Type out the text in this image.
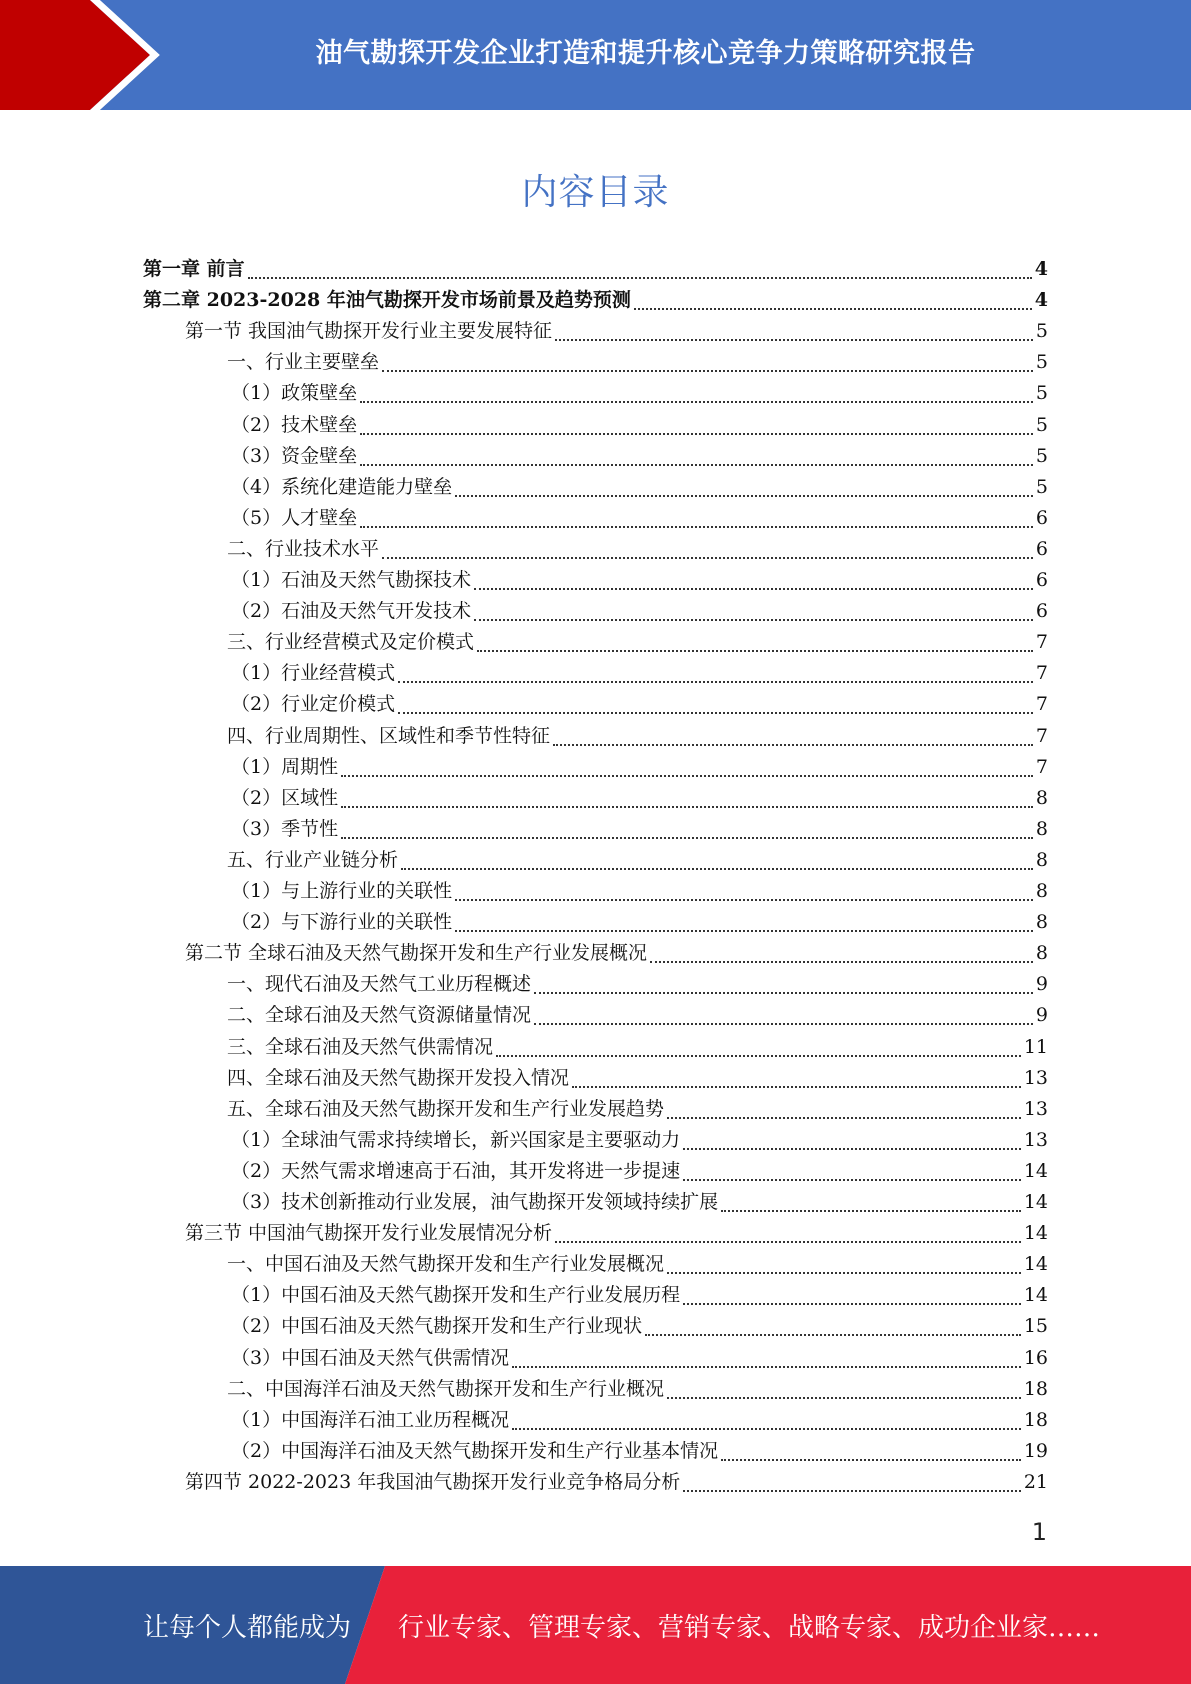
油气勘探开发企业打造和提升核心竞争力策略研究报告
内容目录
第一章 前言	4
第二章 2023-2028 年油气勘探开发市场前景及趋势预测	4
第一节 我国油气勘探开发行业主要发展特征	5
一、行业主要壁垒	5
（1）政策壁垒	5
（2）技术壁垒	5
（3）资金壁垒	5
（4）系统化建造能力壁垒	5
（5）人才壁垒	6
二、行业技术水平	6
（1）石油及天然气勘探技术	6
（2）石油及天然气开发技术	6
三、行业经营模式及定价模式	7
（1）行业经营模式	7
（2）行业定价模式	7
四、行业周期性、区域性和季节性特征	7
（1）周期性	7
（2）区域性	8
（3）季节性	8
五、行业产业链分析	8
（1）与上游行业的关联性	8
（2）与下游行业的关联性	8
第二节 全球石油及天然气勘探开发和生产行业发展概况	8
一、现代石油及天然气工业历程概述	9
二、全球石油及天然气资源储量情况	9
三、全球石油及天然气供需情况	11
四、全球石油及天然气勘探开发投入情况	13
五、全球石油及天然气勘探开发和生产行业发展趋势	13
（1）全球油气需求持续增长，新兴国家是主要驱动力	13
（2）天然气需求增速高于石油，其开发将进一步提速	14
（3）技术创新推动行业发展，油气勘探开发领域持续扩展	14
第三节 中国油气勘探开发行业发展情况分析	14
一、中国石油及天然气勘探开发和生产行业发展概况	14
（1）中国石油及天然气勘探开发和生产行业发展历程	14
（2）中国石油及天然气勘探开发和生产行业现状	15
（3）中国石油及天然气供需情况	16
二、中国海洋石油及天然气勘探开发和生产行业概况	18
（1）中国海洋石油工业历程概况	18
（2）中国海洋石油及天然气勘探开发和生产行业基本情况	19
第四节 2022-2023 年我国油气勘探开发行业竞争格局分析	21
1
让每个人都能成为 行业专家、管理专家、营销专家、战略专家、成功企业家……
